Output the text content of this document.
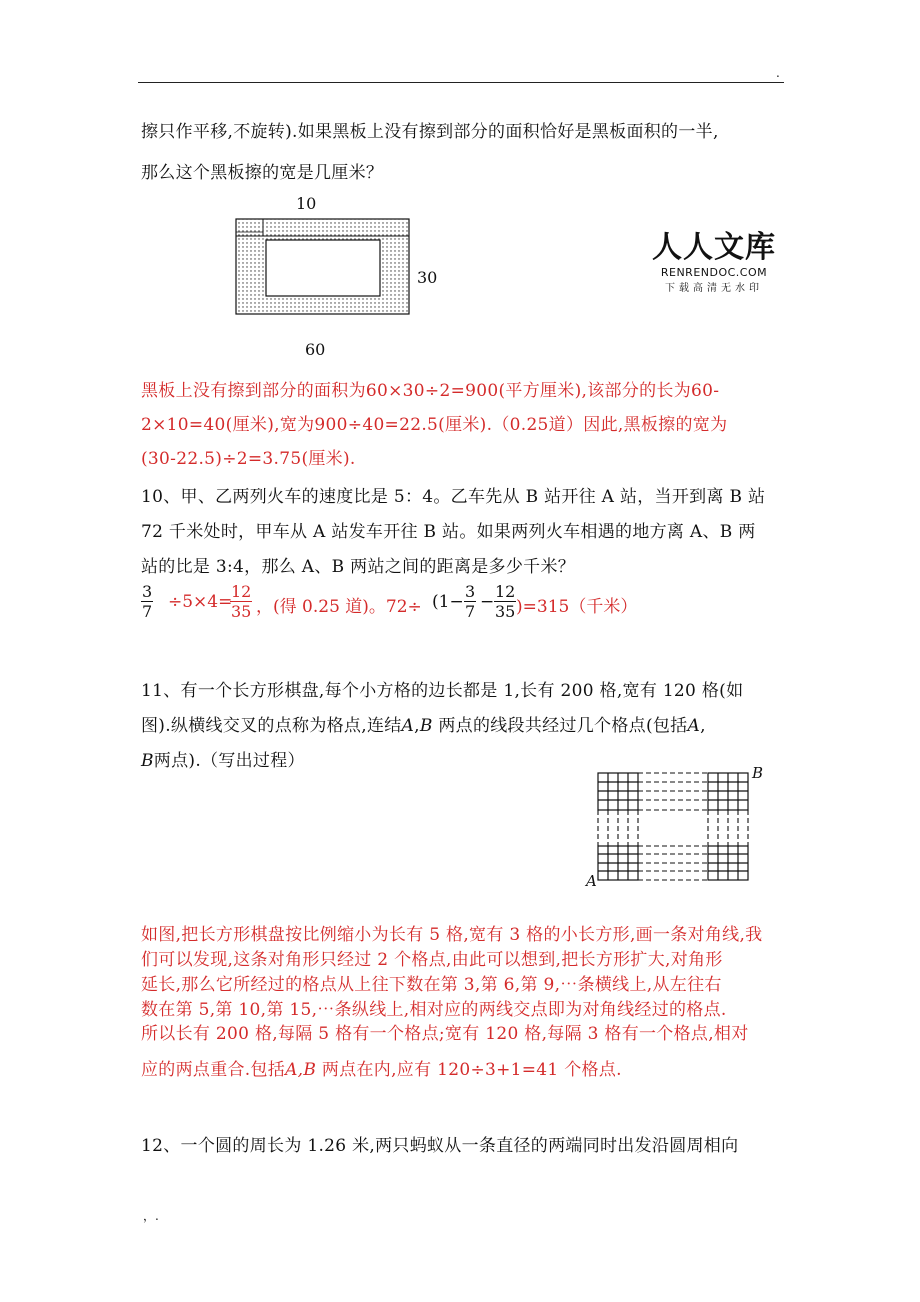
.
擦只作平移,不旋转).如果黑板上没有擦到部分的面积恰好是黑板面积的一半,
那么这个黑板擦的宽是几厘米？
10
30
60
人人文库
RENRENDOC.COM
下载高清无水印
黑板上没有擦到部分的面积为60×30÷2=900(平方厘米),该部分的长为60-
2×10=40(厘米),宽为900÷40=22.5(厘米).（0.25道）因此,黑板擦的宽为
(30-22.5)÷2=3.75(厘米).
10、甲、乙两列火车的速度比是 5：4。乙车先从 B 站开往 A 站，当开到离 B 站
72 千米处时，甲车从 A 站发车开往 B 站。如果两列火车相遇的地方离 A、B 两
站的比是 3:4，那么 A、B 两站之间的距离是多少千米？
$\frac{3}{7} \div 5\times 4=$
$\frac{12}{35}$ ，(得 0.25 道)。$72\div (1- \frac{3}{7} - \frac{12}{35} )=315$（千米）
11、有一个长方形棋盘,每个小方格的边长都是 1,长有 200 格,宽有 120 格(如
图).纵横线交叉的点称为格点,连结A,B 两点的线段共经过几个格点(包括A,
B两点).（写出过程）
A
B
如图,把长方形棋盘按比例缩小为长有 5 格,宽有 3 格的小长方形,画一条对角线,我
们可以发现,这条对角形只经过 2 个格点,由此可以想到,把长方形扩大,对角形
延长,那么它所经过的格点从上往下数在第 3,第 6,第 9,⋯条横线上,从左往右
数在第 5,第 10,第 15,⋯条纵线上,相对应的两线交点即为对角线经过的格点.
所以长有 200 格,每隔 5 格有一个格点;宽有 120 格,每隔 3 格有一个格点,相对
应的两点重合.包括A,B 两点在内,应有 120÷3+1=41 个格点.
12、一个圆的周长为 1.26 米,两只蚂蚁从一条直径的两端同时出发沿圆周相向
，.
